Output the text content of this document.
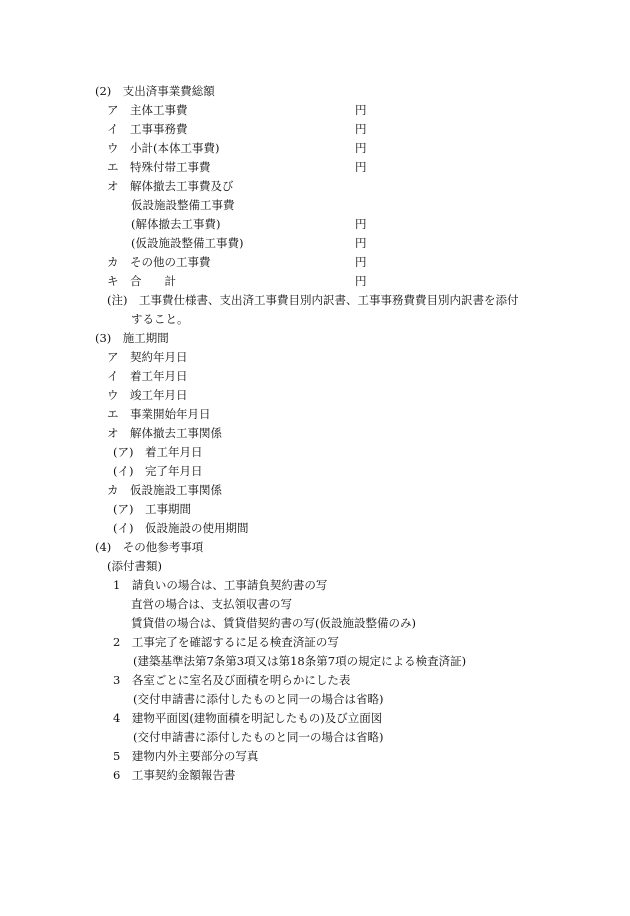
(2)　支出済事業費総額
ア　主体工事費	円
イ　工事事務費	円
ウ　小計(本体工事費)	円
エ　特殊付帯工事費	円
オ　解体撤去工事費及び
仮設施設整備工事費
(解体撤去工事費)	円
(仮設施設整備工事費)	円
カ　その他の工事費	円
キ　合　　計	円
(注)　工事費仕様書、支出済工事費目別内訳書、工事事務費費目別内訳書を添付
すること。
(3)　施工期間
ア　契約年月日
イ　着工年月日
ウ　竣工年月日
エ　事業開始年月日
オ　解体撤去工事関係
(ア)　着工年月日
(イ)　完了年月日
カ　仮設施設工事関係
(ア)　工事期間
(イ)　仮設施設の使用期間
(4)　その他参考事項
(添付書類)
1　請負いの場合は、工事請負契約書の写
直営の場合は、支払領収書の写
賃貸借の場合は、賃貸借契約書の写(仮設施設整備のみ)
2　工事完了を確認するに足る検査済証の写
(建築基準法第7条第3項又は第18条第7項の規定による検査済証)
3　各室ごとに室名及び面積を明らかにした表
(交付申請書に添付したものと同一の場合は省略)
4　建物平面図(建物面積を明記したもの)及び立面図
(交付申請書に添付したものと同一の場合は省略)
5　建物内外主要部分の写真
6　工事契約金額報告書
